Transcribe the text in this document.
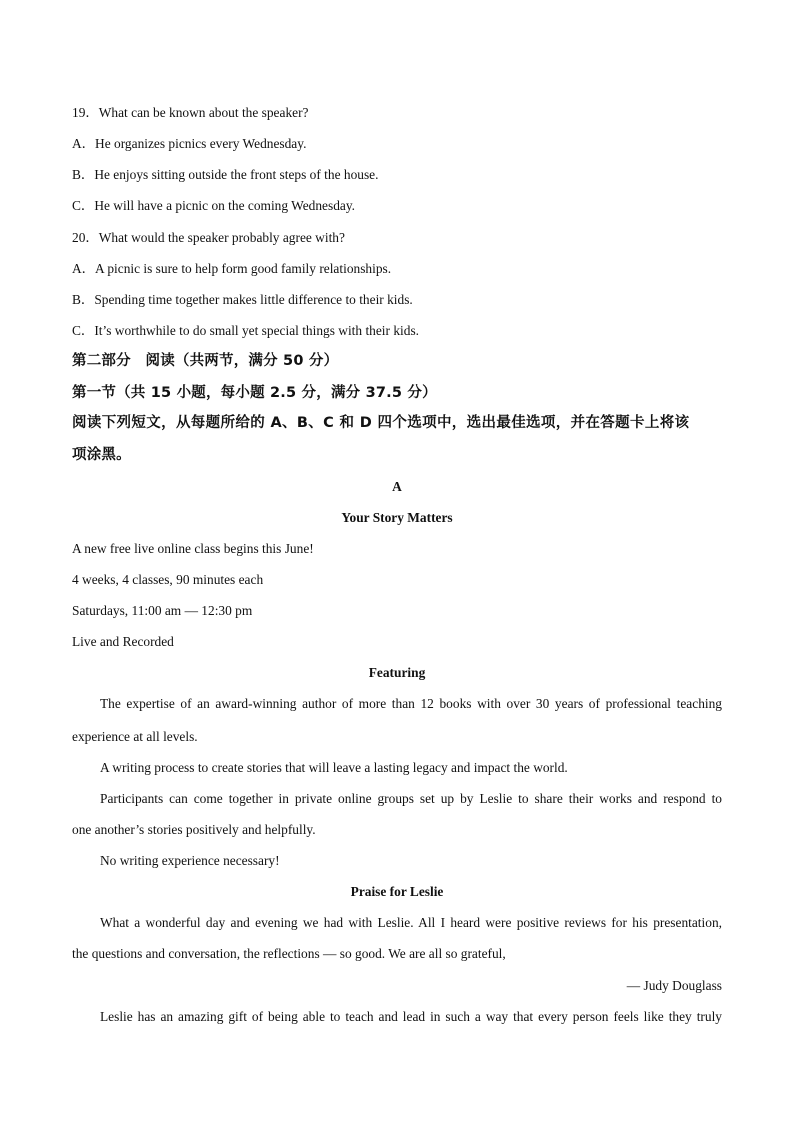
19．What can be known about the speaker?
A．He organizes picnics every Wednesday.
B．He enjoys sitting outside the front steps of the house.
C．He will have a picnic on the coming Wednesday.
20．What would the speaker probably agree with?
A．A picnic is sure to help form good family relationships.
B．Spending time together makes little difference to their kids.
C．It’s worthwhile to do small yet special things with their kids.
第二部分　阅读（共两节，满分 50 分）
第一节（共 15 小题，每小题 2.5 分，满分 37.5 分）
阅读下列短文，从每题所给的 A、B、C 和 D 四个选项中，选出最佳选项，并在答题卡上将该
项涂黑。
A
Your Story Matters
A new free live online class begins this June!
4 weeks, 4 classes, 90 minutes each
Saturdays, 11:00 am — 12:30 pm
Live and Recorded
Featuring
The expertise of an award-winning author of more than 12 books with over 30 years of professional teaching
experience at all levels.
A writing process to create stories that will leave a lasting legacy and impact the world.
Participants can come together in private online groups set up by Leslie to share their works and respond to
one another’s stories positively and helpfully.
No writing experience necessary!
Praise for Leslie
What a wonderful day and evening we had with Leslie. All I heard were positive reviews for his presentation,
the questions and conversation, the reflections — so good. We are all so grateful,
— Judy Douglass
Leslie has an amazing gift of being able to teach and lead in such a way that every person feels like they truly
